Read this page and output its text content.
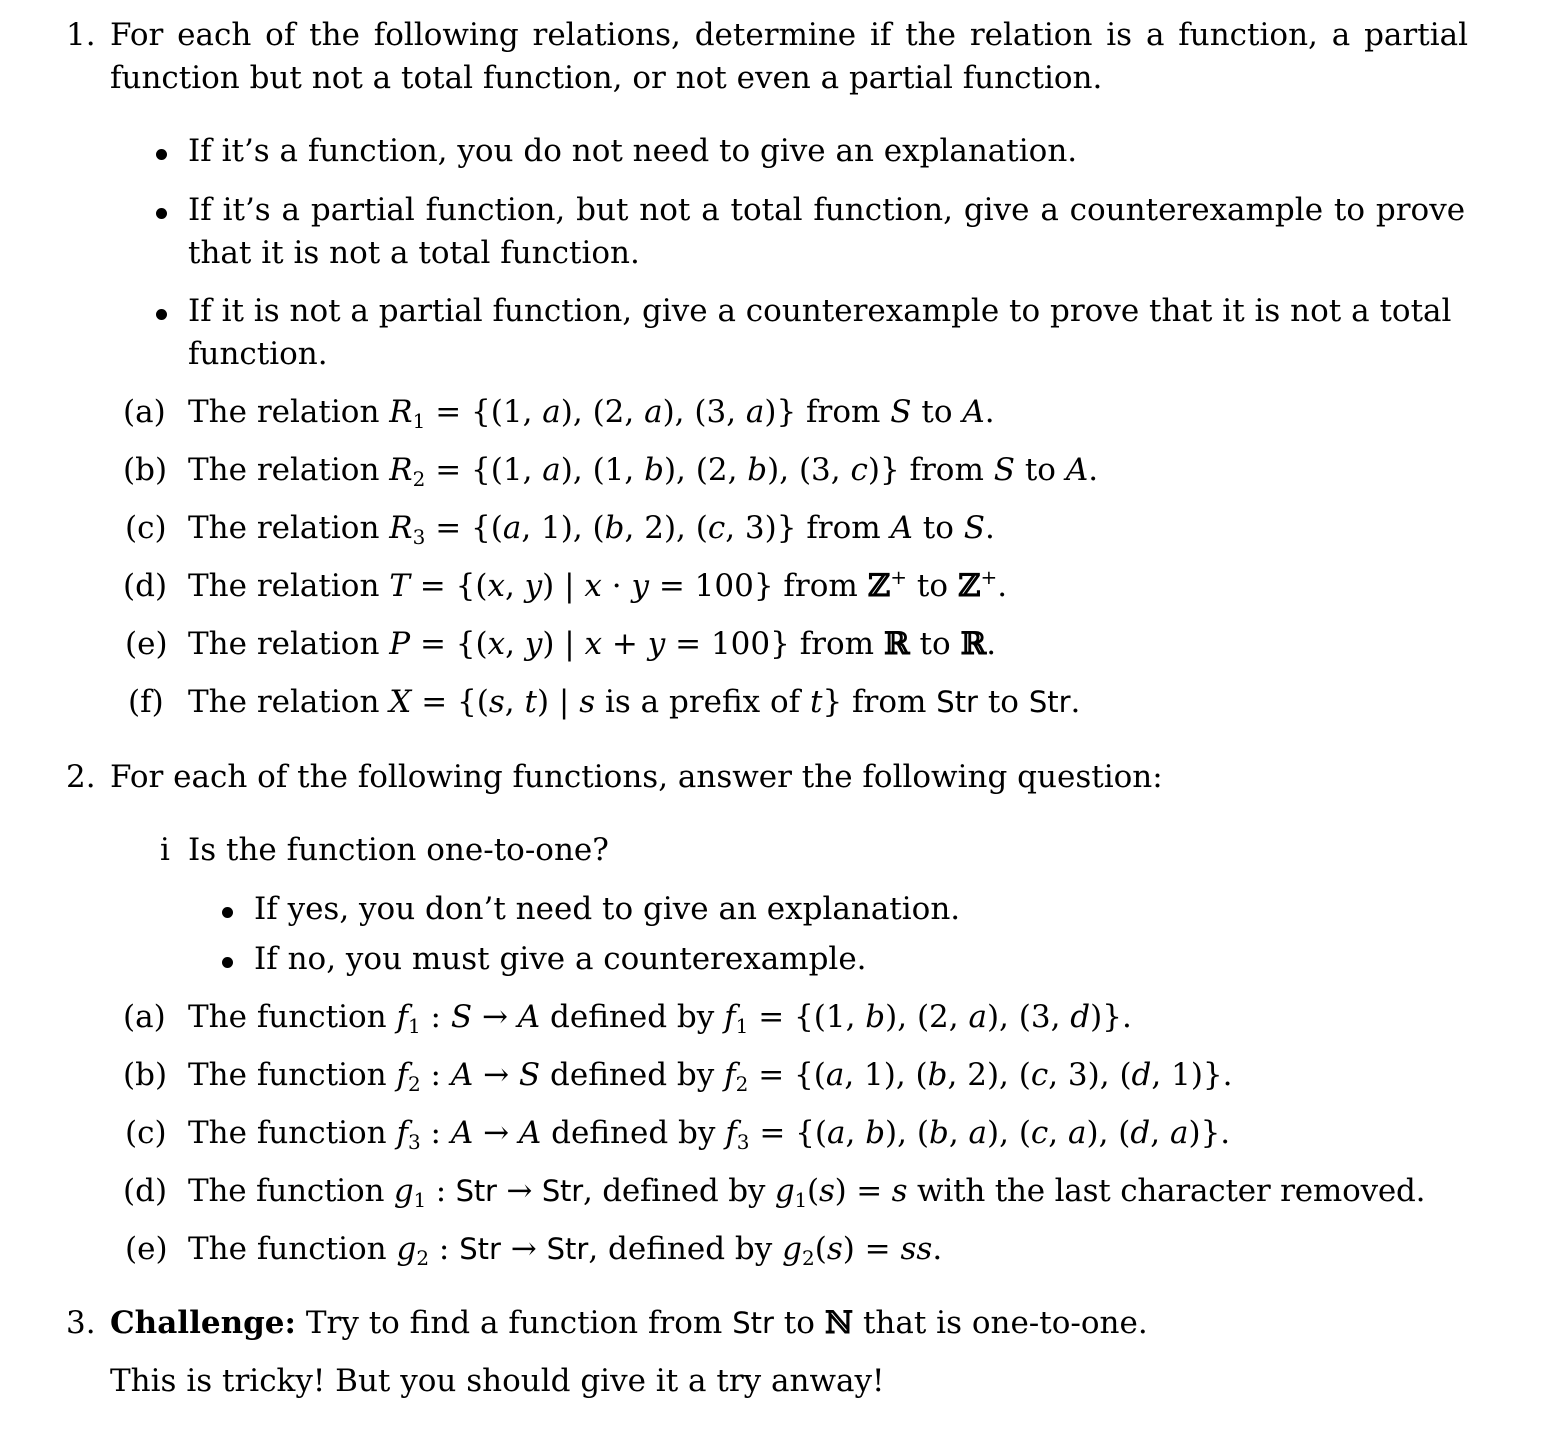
1. For each of the following relations, determine if the relation is a function, a partial
function but not a total function, or not even a partial function.
If it’s a function, you do not need to give an explanation.
If it’s a partial function, but not a total function, give a counterexample to prove
that it is not a total function.
If it is not a partial function, give a counterexample to prove that it is not a total
function.
(a) The relation $R_1 = \{(1$, a), (2, a), (3, a)} from S to A.
(b) The relation $R_2 = \{(1$, a), (1, b), (2, b), (3, c)} from S to A.
(c) The relation $R_3 = \{(a$, 1), (b, 2), (c, 3)} from A to S.
(d) The relation T = {(x, y) | x · y = 100} from ℤ+ to ℤ+.
(e) The relation P = {(x, y) | x + y = 100} from ℝ to ℝ.
(f) The relation X = {(s, t) | s is a prefix of t} from Str to Str.
2. For each of the following functions, answer the following question:
i Is the function one-to-one?
If yes, you don’t need to give an explanation.
If no, you must give a counterexample.
(a) The function $f_1$ : S → A defined by $f_1 = \{(1$, b), (2, a), (3, d)}.
(b) The function $f_2$ : A → S defined by $f_2 = \{(a$, 1), (b, 2), (c, 3), (d, 1)}.
(c) The function $f_3$ : A → A defined by $f_3 = \{(a$, b), (b, a), (c, a), (d, a)}.
(d) The function $g_1$ : Str → Str, defined by $g_1(s) = s$ with the last character removed.
(e) The function $g_2$ : Str → Str, defined by $g_2(s)$ = ss.
3. Challenge: Try to find a function from Str to ℕ that is one-to-one.
This is tricky! But you should give it a try anway!
